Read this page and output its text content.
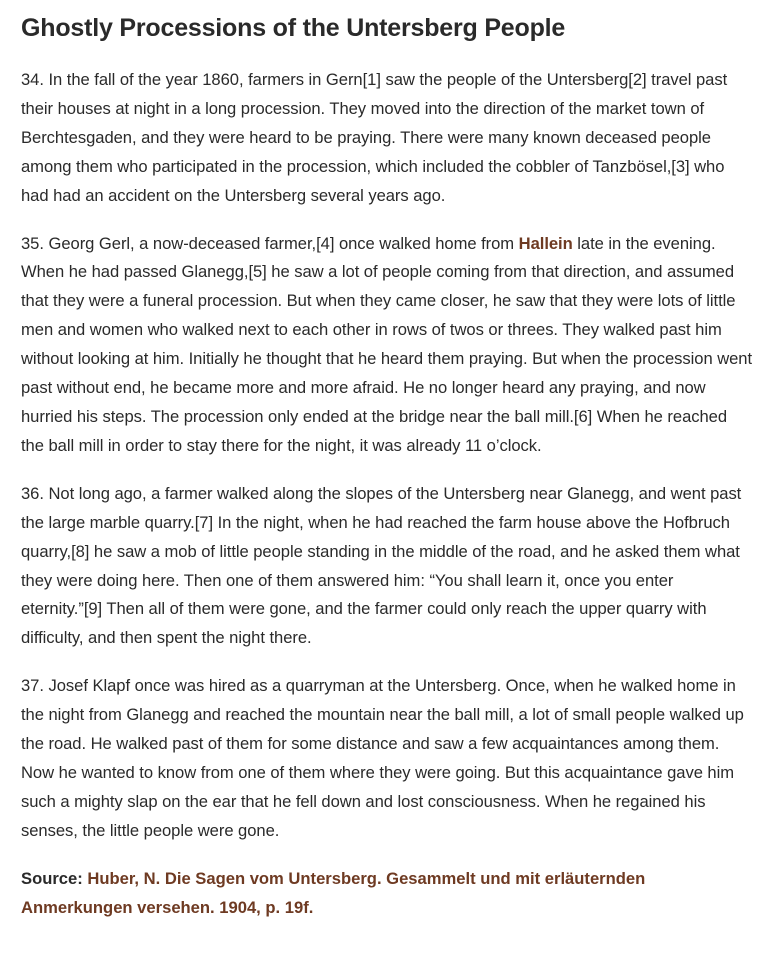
Ghostly Processions of the Untersberg People

34. In the fall of the year 1860, farmers in Gern[1] saw the people of the Untersberg[2] travel past their houses at night in a long procession. They moved into the direction of the market town of Berchtesgaden, and they were heard to be praying. There were many known deceased people among them who participated in the procession, which included the cobbler of Tanzbösel,[3] who had had an accident on the Untersberg several years ago.

35. Georg Gerl, a now-deceased farmer,[4] once walked home from Hallein late in the evening. When he had passed Glanegg,[5] he saw a lot of people coming from that direction, and assumed that they were a funeral procession. But when they came closer, he saw that they were lots of little men and women who walked next to each other in rows of twos or threes. They walked past him without looking at him. Initially he thought that he heard them praying. But when the procession went past without end, he became more and more afraid. He no longer heard any praying, and now hurried his steps. The procession only ended at the bridge near the ball mill.[6] When he reached the ball mill in order to stay there for the night, it was already 11 o’clock.

36. Not long ago, a farmer walked along the slopes of the Untersberg near Glanegg, and went past the large marble quarry.[7] In the night, when he had reached the farm house above the Hofbruch quarry,[8] he saw a mob of little people standing in the middle of the road, and he asked them what they were doing here. Then one of them answered him: “You shall learn it, once you enter eternity.”[9] Then all of them were gone, and the farmer could only reach the upper quarry with difficulty, and then spent the night there.

37. Josef Klapf once was hired as a quarryman at the Untersberg. Once, when he walked home in the night from Glanegg and reached the mountain near the ball mill, a lot of small people walked up the road. He walked past of them for some distance and saw a few acquaintances among them. Now he wanted to know from one of them where they were going. But this acquaintance gave him such a mighty slap on the ear that he fell down and lost consciousness. When he regained his senses, the little people were gone.

Source: Huber, N. Die Sagen vom Untersberg. Gesammelt und mit erläuternden Anmerkungen versehen. 1904, p. 19f.
